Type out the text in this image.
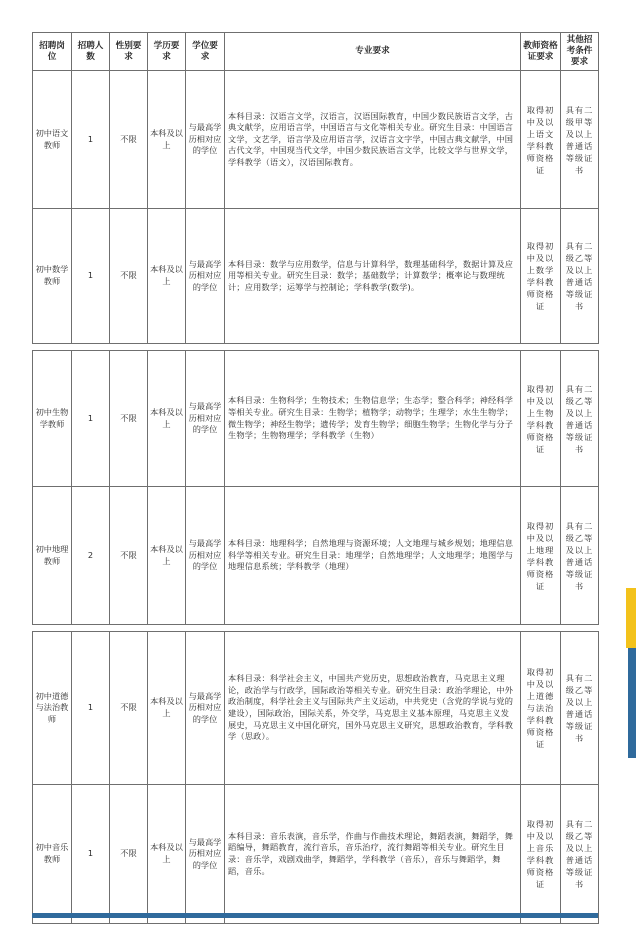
招聘岗位	招聘人数	性别要求	学历要求	学位要求	专业要求	教师资格证要求	其他招考条件要求
初中语文教师	1	不限	本科及以上	与最高学历相对应的学位	本科目录：汉语言文学，汉语言，汉语国际教育，中国少数民族语言文学，古典文献学，应用语言学，中国语言与文化等相关专业。研究生目录：中国语言文学，文艺学，语言学及应用语言学，汉语言文字学，中国古典文献学，中国古代文学，中国现当代文学，中国少数民族语言文学，比较文学与世界文学，学科教学（语文），汉语国际教育。	取得初中及以上语文学科教师资格证	具有二级甲等及以上普通话等级证书
初中数学教师	1	不限	本科及以上	与最高学历相对应的学位	本科目录：数学与应用数学，信息与计算科学，数理基础科学，数据计算及应用等相关专业。研究生目录：数学；基础数学；计算数学；概率论与数理统计；应用数学；运筹学与控制论；学科教学(数学)。	取得初中及以上数学学科教师资格证	具有二级乙等及以上普通话等级证书

初中生物学教师	1	不限	本科及以上	与最高学历相对应的学位	本科目录：生物科学；生物技术；生物信息学；生态学；整合科学；神经科学等相关专业。研究生目录：生物学；植物学；动物学；生理学；水生生物学；微生物学；神经生物学；遗传学；发育生物学；细胞生物学；生物化学与分子生物学；生物物理学；学科教学（生物）	取得初中及以上生物学科教师资格证	具有二级乙等及以上普通话等级证书
初中地理教师	2	不限	本科及以上	与最高学历相对应的学位	本科目录：地理科学；自然地理与资源环境；人文地理与城乡规划；地理信息科学等相关专业。研究生目录：地理学；自然地理学；人文地理学；地图学与地理信息系统；学科教学（地理）	取得初中及以上地理学科教师资格证	具有二级乙等及以上普通话等级证书

初中道德与法治教师	1	不限	本科及以上	与最高学历相对应的学位	本科目录：科学社会主义，中国共产党历史，思想政治教育，马克思主义理论，政治学与行政学，国际政治等相关专业。研究生目录：政治学理论，中外政治制度，科学社会主义与国际共产主义运动，中共党史（含党的学说与党的建设），国际政治，国际关系，外交学，马克思主义基本原理，马克思主义发展史，马克思主义中国化研究，国外马克思主义研究，思想政治教育，学科教学（思政）。	取得初中及以上道德与法治学科教师资格证	具有二级乙等及以上普通话等级证书
初中音乐教师	1	不限	本科及以上	与最高学历相对应的学位	本科目录：音乐表演，音乐学，作曲与作曲技术理论，舞蹈表演，舞蹈学，舞蹈编导，舞蹈教育，流行音乐，音乐治疗，流行舞蹈等相关专业。研究生目录：音乐学，戏剧戏曲学，舞蹈学，学科教学（音乐），音乐与舞蹈学，舞蹈，音乐。	取得初中及以上音乐学科教师资格证	具有二级乙等及以上普通话等级证书
